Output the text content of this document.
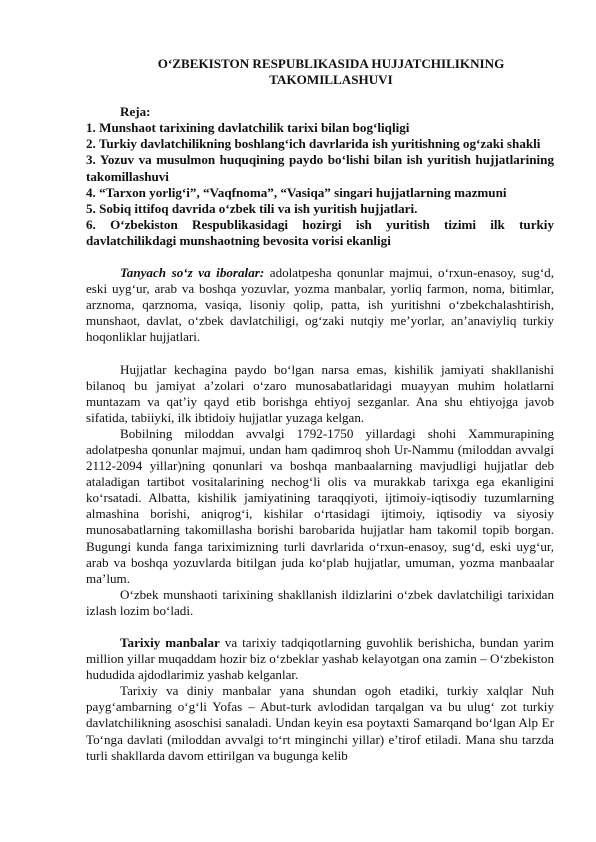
O‘ZBEKISTON RESPUBLIKASIDA HUJJATCHILIKNING
TAKOMILLASHUVI

Reja:

1. Munshaot tarixining davlatchilik tarixi bilan bog‘liqligi

2. Turkiy davlatchilikning boshlang‘ich davrlarida ish yuritishning og‘zaki shakli

3. Yozuv va musulmon huquqining paydo bo‘lishi bilan ish yuritish hujjatlarining takomillashuvi

4. “Tarxon yorlig‘i”, “Vaqfnoma”, “Vasiqa” singari hujjatlarning mazmuni

5. Sobiq ittifoq davrida o‘zbek tili va ish yuritish hujjatlari.

6. O‘zbekiston Respublikasidagi hozirgi ish yuritish tizimi ilk turkiy davlatchilikdagi munshaotning bevosita vorisi ekanligi

Tanyach so‘z va iboralar: adolatpesha qonunlar majmui, o‘rxun-enasoy, sug‘d, eski uyg‘ur, arab va boshqa yozuvlar, yozma manbalar, yorliq farmon, noma, bitimlar, arznoma, qarznoma, vasiqa, lisoniy qolip, patta, ish yuritishni o‘zbekchalashtirish, munshaot, davlat, o‘zbek davlatchiligi, og‘zaki nutqiy me’yorlar, an’anaviyliq turkiy hoqonliklar hujjatlari.

Hujjatlar kechagina paydo bo‘lgan narsa emas, kishilik jamiyati shakllanishi bilanoq bu jamiyat a’zolari o‘zaro munosabatlaridagi muayyan muhim holatlarni muntazam va qat’iy qayd etib borishga ehtiyoj sezganlar. Ana shu ehtiyojga javob sifatida, tabiiyki, ilk ibtidoiy hujjatlar yuzaga kelgan.

Bobilning miloddan avvalgi 1792-1750 yillardagi shohi Xammurapining adolatpesha qonunlar majmui, undan ham qadimroq shoh Ur-Nammu (miloddan avvalgi 2112-2094 yillar)ning qonunlari va boshqa manbaalarning mavjudligi hujjatlar deb ataladigan tartibot vositalarining nechog‘li olis va murakkab tarixga ega ekanligini ko‘rsatadi. Albatta, kishilik jamiyatining taraqqiyoti, ijtimoiy-iqtisodiy tuzumlarning almashina borishi, aniqrog‘i, kishilar o‘rtasidagi ijtimoiy, iqtisodiy va siyosiy munosabatlarning takomillasha borishi barobarida hujjatlar ham takomil topib borgan. Bugungi kunda fanga tariximizning turli davrlarida o‘rxun-enasoy, sug‘d, eski uyg‘ur, arab va boshqa yozuvlarda bitilgan juda ko‘plab hujjatlar, umuman, yozma manbaalar ma’lum.

O‘zbek munshaoti tarixining shakllanish ildizlarini o‘zbek davlatchiligi tarixidan izlash lozim bo‘ladi.

Tarixiy manbalar va tarixiy tadqiqotlarning guvohlik berishicha, bundan yarim million yillar muqaddam hozir biz o‘zbeklar yashab kelayotgan ona zamin – O‘zbekiston hududida ajdodlarimiz yashab kelganlar.

Tarixiy va diniy manbalar yana shundan ogoh etadiki, turkiy xalqlar Nuh payg‘ambarning o‘g‘li Yofas – Abut-turk avlodidan tarqalgan va bu ulug‘ zot turkiy davlatchilikning asoschisi sanaladi. Undan keyin esa poytaxti Samarqand bo‘lgan Alp Er To‘nga davlati (miloddan avvalgi to‘rt minginchi yillar) e’tirof etiladi. Mana shu tarzda turli shakllarda davom ettirilgan va bugunga kelib
